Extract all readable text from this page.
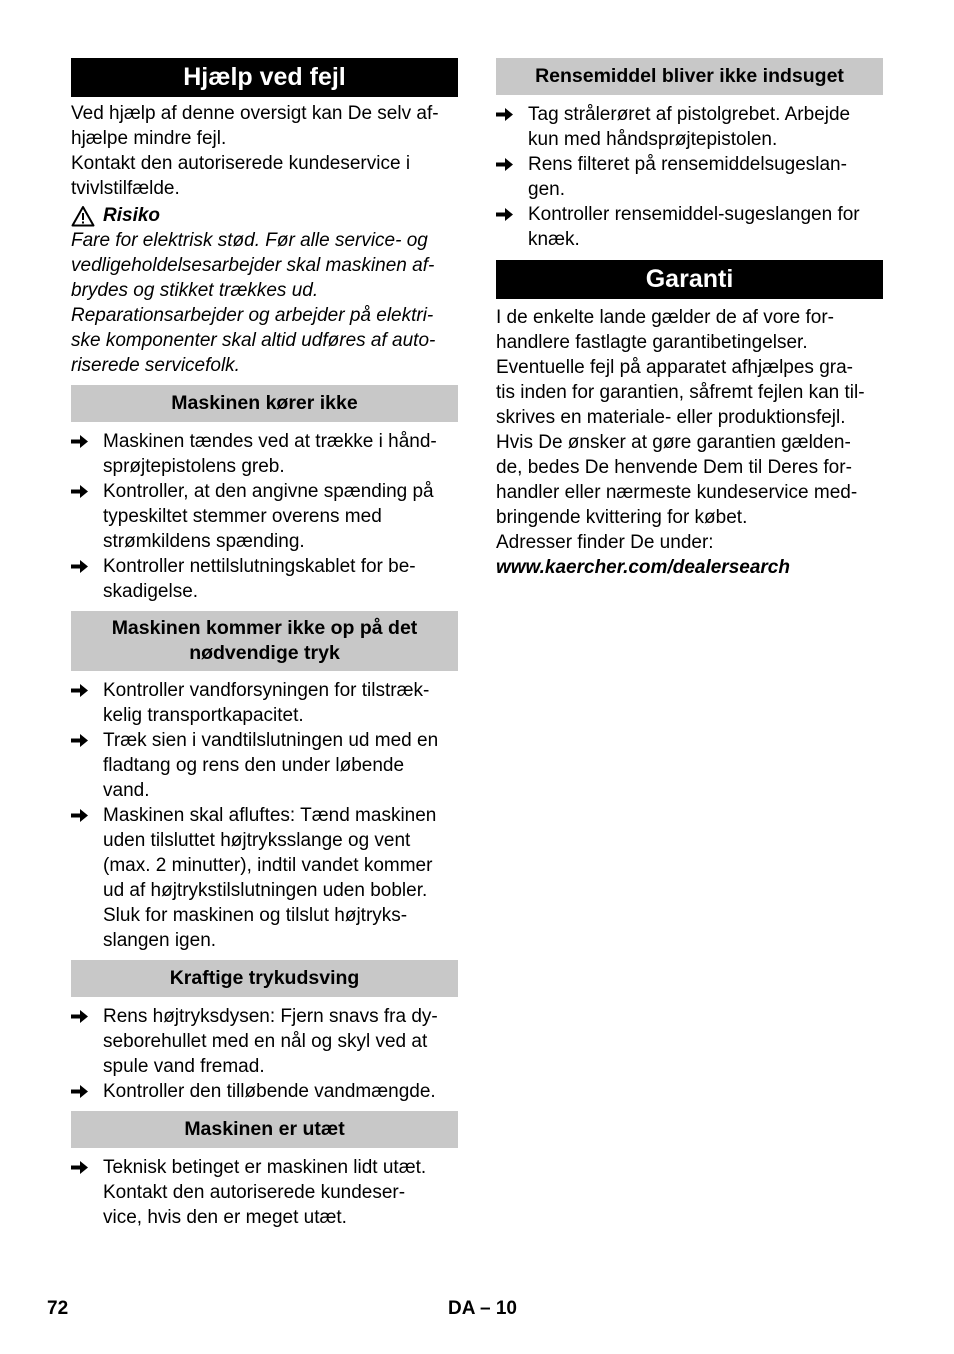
Hjælp ved fejl
Ved hjælp af denne oversigt kan De selv af-
hjælpe mindre fejl.
Kontakt den autoriserede kundeservice i
tvivlstilfælde.
Risiko
Fare for elektrisk stød. Før alle service- og
vedligeholdelsesarbejder skal maskinen af-
brydes og stikket trækkes ud.
Reparationsarbejder og arbejder på elektri-
ske komponenter skal altid udføres af auto-
riserede servicefolk.
Maskinen kører ikke
Maskinen tændes ved at trække i hånd-
sprøjtepistolens greb.
Kontroller, at den angivne spænding på
typeskiltet stemmer overens med
strømkildens spænding.
Kontroller nettilslutningskablet for be-
skadigelse.
Maskinen kommer ikke op på det
nødvendige tryk
Kontroller vandforsyningen for tilstræk-
kelig transportkapacitet.
Træk sien i vandtilslutningen ud med en
fladtang og rens den under løbende
vand.
Maskinen skal afluftes: Tænd maskinen
uden tilsluttet højtryksslange og vent
(max. 2 minutter), indtil vandet kommer
ud af højtrykstilslutningen uden bobler.
Sluk for maskinen og tilslut højtryks-
slangen igen.
Kraftige trykudsving
Rens højtryksdysen: Fjern snavs fra dy-
seborehullet med en nål og skyl ved at
spule vand fremad.
Kontroller den tilløbende vandmængde.
Maskinen er utæt
Teknisk betinget er maskinen lidt utæt.
Kontakt den autoriserede kundeser-
vice, hvis den er meget utæt.
Rensemiddel bliver ikke indsuget
Tag strålerøret af pistolgrebet. Arbejde
kun med håndsprøjtepistolen.
Rens filteret på rensemiddelsugeslan-
gen.
Kontroller rensemiddel-sugeslangen for
knæk.
Garanti
I de enkelte lande gælder de af vore for-
handlere fastlagte garantibetingelser.
Eventuelle fejl på apparatet afhjælpes gra-
tis inden for garantien, såfremt fejlen kan til-
skrives en materiale- eller produktionsfejl.
Hvis De ønsker at gøre garantien gælden-
de, bedes De henvende Dem til Deres for-
handler eller nærmeste kundeservice med-
bringende kvittering for købet.
Adresser finder De under:
www.kaercher.com/dealersearch
72	DA – 10
